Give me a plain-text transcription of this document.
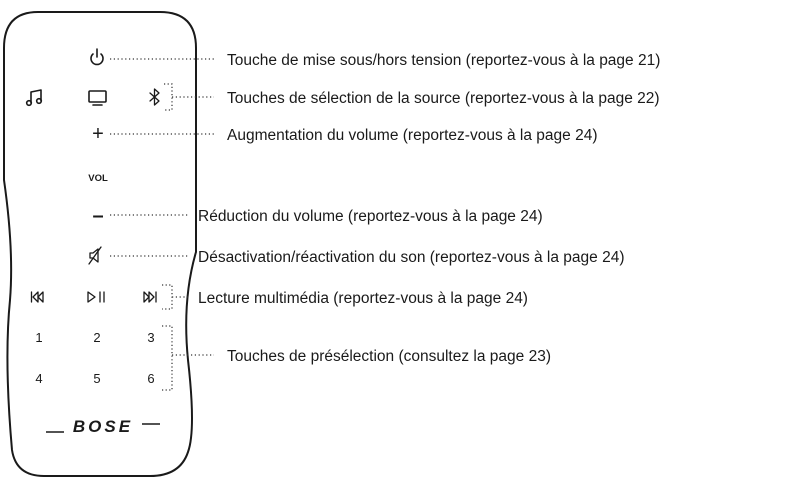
+
VOL
–
1	2	3
4	5	6
BOSE
Touche de mise sous/hors tension (reportez-vous à la page 21)
Touches de sélection de la source (reportez-vous à la page 22)
Augmentation du volume (reportez-vous à la page 24)
Réduction du volume (reportez-vous à la page 24)
Désactivation/réactivation du son (reportez-vous à la page 24)
Lecture multimédia (reportez-vous à la page 24)
Touches de présélection (consultez la page 23)
